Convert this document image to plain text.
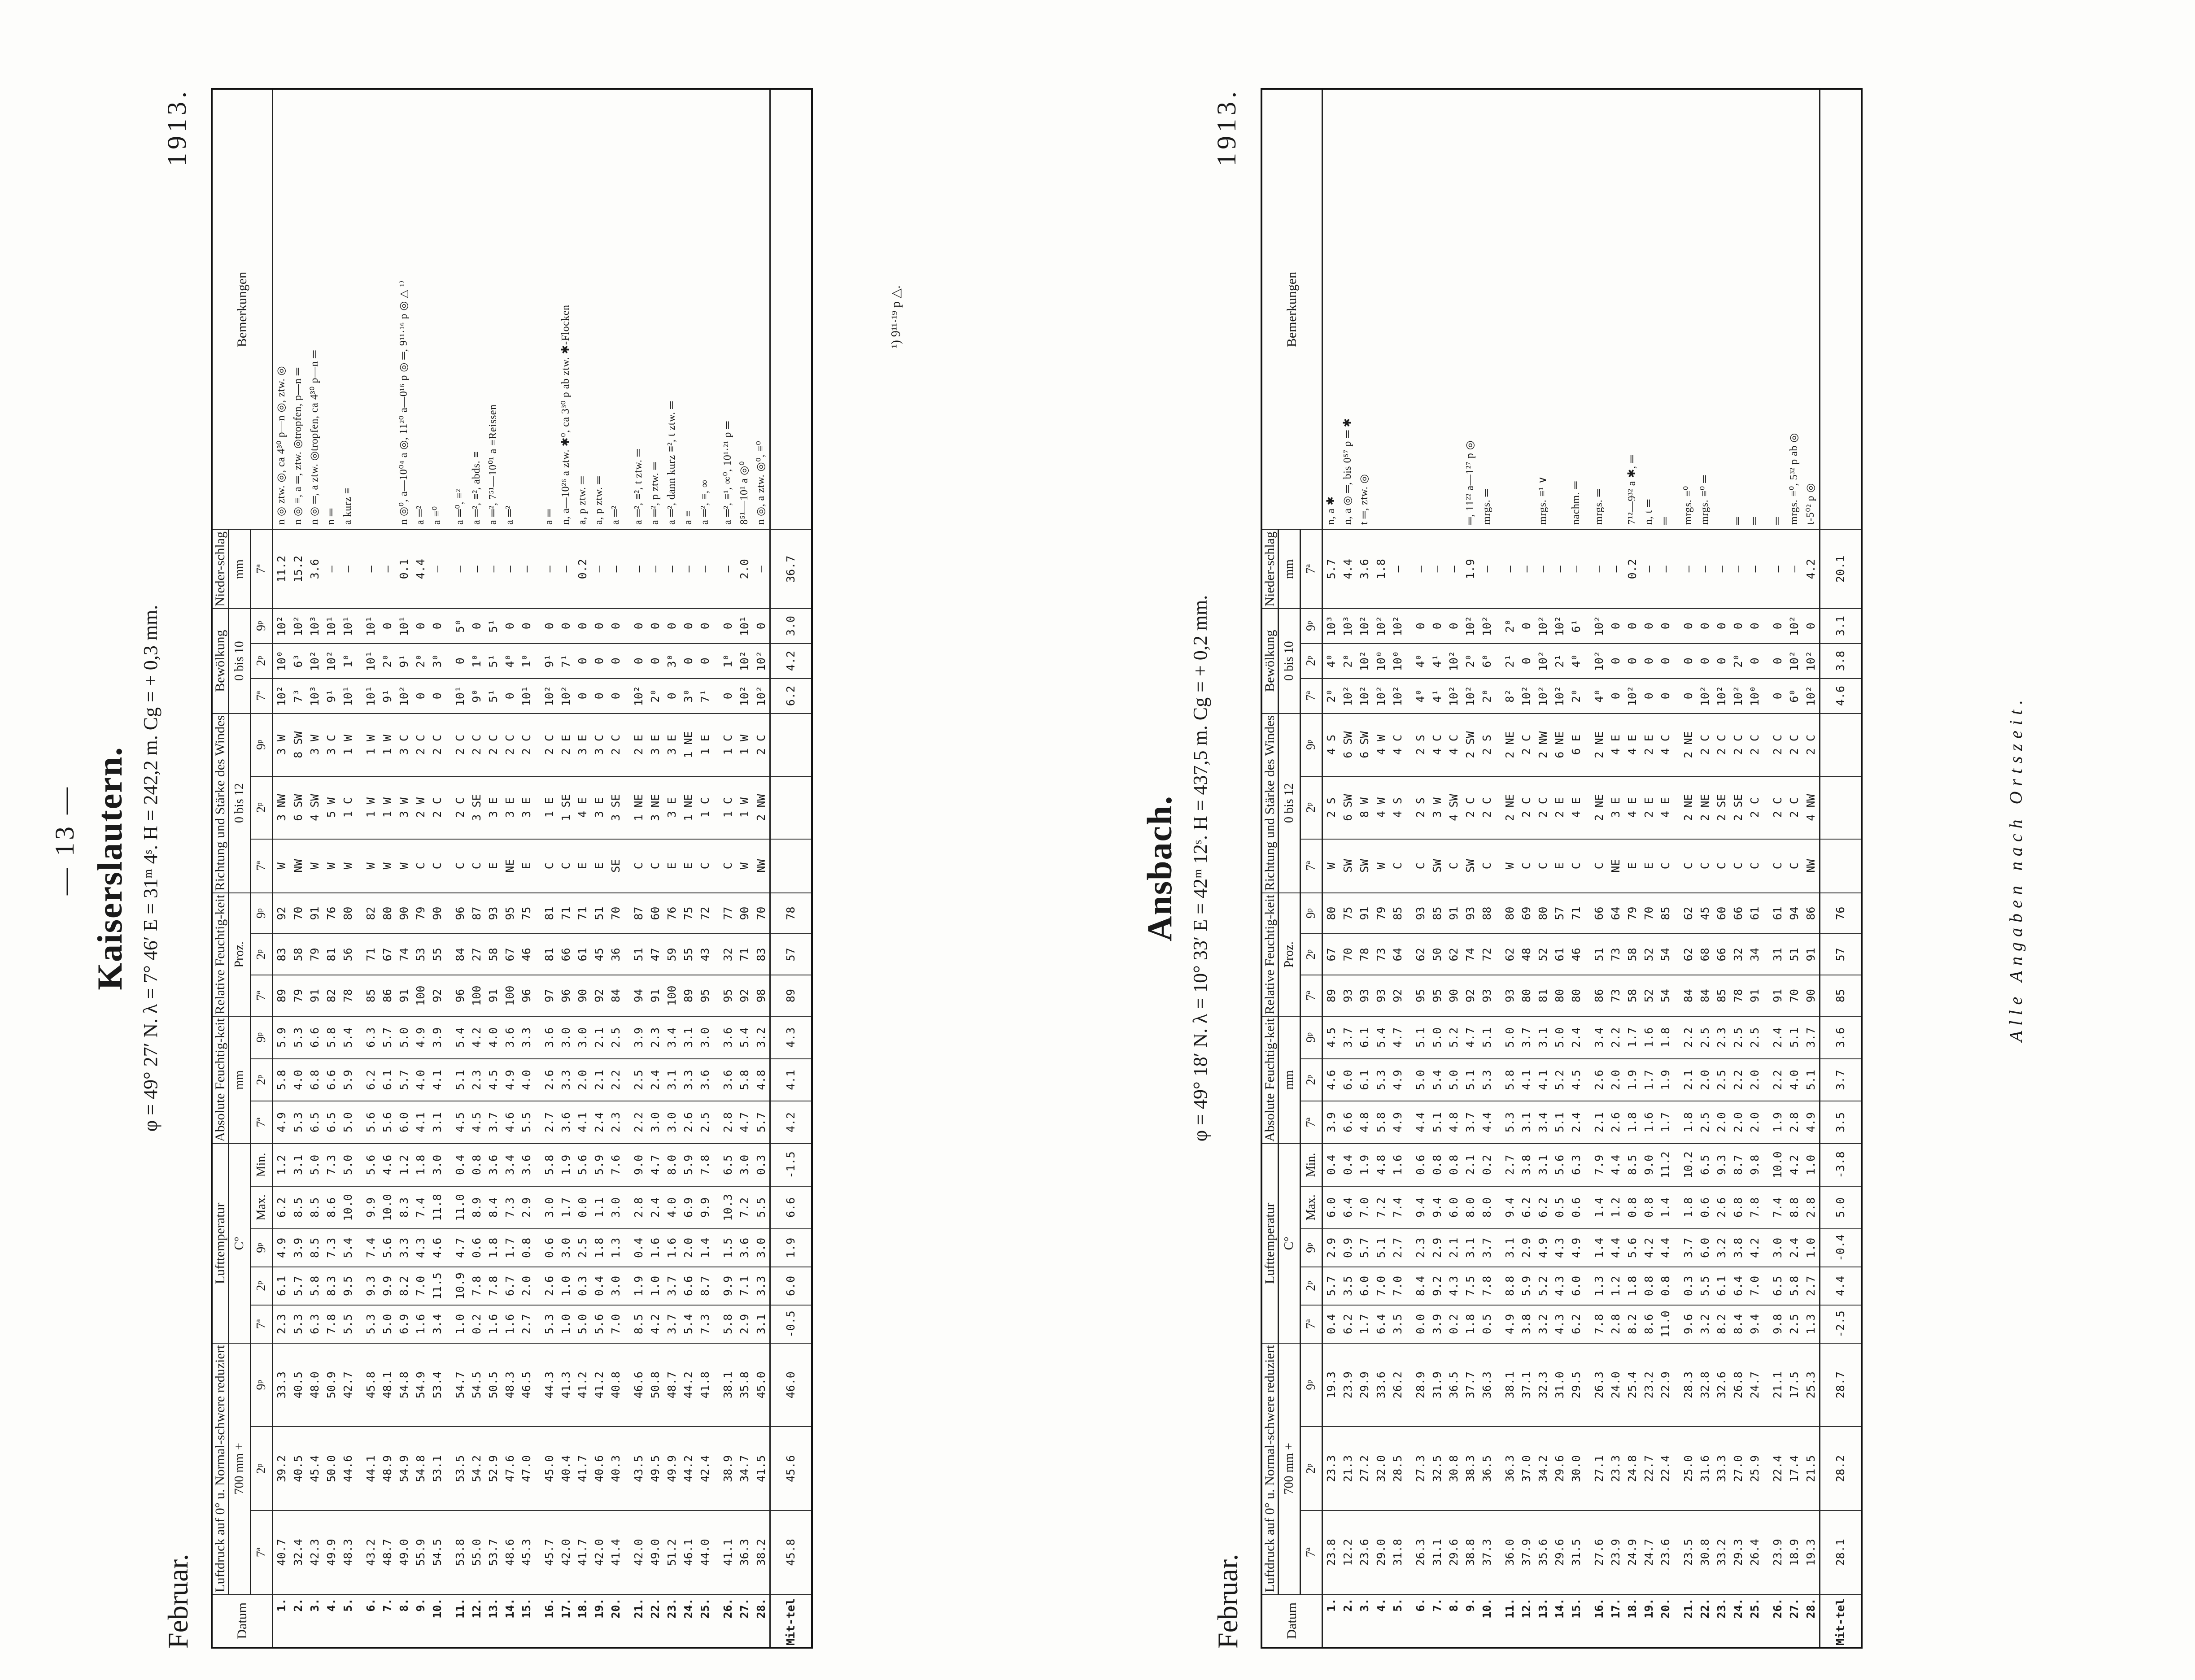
— 13 — Kaiserslautern. φ = 49° 27′ N. λ = 7° 46′ E = 31ᵐ 4ˢ. H = 242,2 m. Cg = + 0,3 mm.
Februar.
1913.
Datum	Luftdruck auf 0° u. Normal-schwere reduziert			Lufttemperatur					Absolute Feuchtig-keit			Relative Feuchtig-keit			Richtung und Stärke des Windes			Bewölkung			Nieder-schlag	Bemerkungen
	700 mm +			C°					mm			Proz.			0 bis 12			0 bis 10			mm	
	7ª	2ᵖ	9ᵖ	7ª	2ᵖ	9ᵖ	Max.	Min.	7ª	2ᵖ	9ᵖ	7ª	2ᵖ	9ᵖ	7ª	2ᵖ	9ᵖ	7ª	2ᵖ	9ᵖ	7ª	
1.	40.7	39.2	33.3	2.3	6.1	4.9	6.2	1.2	4.9	5.8	5.9	89	83	92	W	3 NW	3 W	10²	10⁰	10²	11.2	n ◎ ztw. ◎, ca 4³⁰ p—n ◎, ztw. ◎
2.	32.4	40.5	40.5	5.3	5.7	3.9	8.5	3.1	5.3	4.0	5.3	79	58	70	NW	6 SW	8 SW	7³	6³	10²	15.2	n ◎ ≡, a ═, ztw. ◎tropfen, p—n ═
3.	42.3	45.4	48.0	6.3	5.8	8.5	8.5	5.0	6.5	6.8	6.6	91	79	91	W	4 SW	3 W	10³	10²	10³	3.6	n ◎ ═, a ztw. ◎tropfen, ca 4³⁰ p—n ═
4.	49.9	50.0	50.9	7.8	8.3	7.3	8.6	7.3	6.5	6.6	5.8	82	81	76	W	5 W	3 C	9¹	10²	10¹	—	n ═
5.	48.3	44.6	42.7	5.5	9.5	5.4	10.0	5.0	5.0	5.9	5.4	78	56	80	W	1 C	1 W	10¹	1⁰	10¹	—	a kurz ≡

6.	43.2	44.1	45.8	5.3	9.3	7.4	9.9	5.6	5.6	6.2	6.3	85	71	82	W	1 W	1 W	10¹	10¹	10¹	—	
7.	48.7	48.9	48.1	5.0	9.9	5.6	10.0	4.6	5.6	6.1	5.7	86	67	80	W	1 W	1 W	9¹	2⁰	0	—	
8.	49.0	54.9	54.8	6.9	8.2	3.3	8.3	1.2	6.0	5.7	5.0	91	74	90	W	3 W	3 C	10²	9¹	10¹	0.1	n ◎⁰, a—10⁰⁴ a ◎, 11²⁰ a—0¹⁶ p ◎ ═, 9¹¹·¹⁶ p ◎ △ ¹⁾
9.	55.9	54.8	54.9	1.6	7.0	4.3	7.4	1.8	4.1	4.0	4.9	100	53	79	C	2 W	2 C	0	2⁰	0	4.4	a ═²
10.	54.5	53.1	53.4	3.4	11.5	4.6	11.8	3.0	3.1	4.1	3.9	92	55	90	C	2 C	2 C	0	3⁰	0	—	a ≡⁰

11.	53.8	53.5	54.7	1.0	10.9	4.7	11.0	0.4	4.5	5.1	5.4	96	84	96	C	2 C	2 C	10¹	0	5⁰	—	a ═⁰, ≡²
12.	55.0	54.2	54.5	0.2	7.8	0.6	8.9	0.8	4.5	2.3	4.2	100	27	87	C	3 SE	2 C	9⁰	1⁰	0	—	a ═², ≡², abds. ≡
13.	53.7	52.9	50.5	1.6	7.8	1.8	8.4	3.6	3.7	4.5	4.0	91	58	93	E	3 E	2 C	5¹	5¹	5¹	—	a ═², 7⁵¹—10⁰¹ a ≡Reissen
14.	48.6	47.6	48.3	1.6	6.7	1.7	7.3	3.4	4.6	4.9	3.6	100	67	95	NE	3 E	2 C	0	4⁰	0	—	a ═²
15.	45.3	47.0	46.5	2.7	2.0	0.8	2.9	3.6	5.5	4.0	3.3	96	46	75	E	3 E	2 C	10¹	1⁰	0	—	

16.	45.7	45.0	44.3	5.3	2.6	0.6	3.0	5.8	2.7	2.6	3.6	97	81	81	C	1 E	2 C	10²	9¹	0	—	a ═
17.	42.0	40.4	41.3	1.0	1.0	3.0	1.7	1.9	3.6	3.3	3.0	96	66	71	C	1 SE	2 E	10²	7¹	0	—	n, a—10²⁶ a ztw. ✱⁰, ca 3³⁰ p ab ztw. ✱-Flocken
18.	41.7	41.7	41.2	5.0	0.3	2.5	0.0	5.6	4.1	2.0	3.0	90	61	71	E	4 E	3 E	0	0	0	0.2	a, p ztw. ═
19.	42.0	40.6	41.2	5.6	0.4	1.8	1.1	5.9	2.4	2.1	2.1	92	45	51	E	3 E	3 C	0	0	0	—	a, p ztw. ═
20.	41.4	40.3	40.8	7.0	3.0	1.3	3.0	7.6	2.3	2.2	2.5	84	36	70	SE	3 SE	2 C	0	0	0	—	a ═²

21.	42.0	43.5	46.6	8.5	1.9	0.4	2.8	9.0	2.2	2.5	3.9	94	51	87	C	1 NE	2 E	10²	0	0	—	a ═², ≡², t ztw. ═
22.	49.0	49.5	50.8	4.2	1.0	1.6	2.4	4.7	3.0	2.4	2.3	91	47	60	C	3 NE	3 E	2⁰	0	0	—	a ═², p ztw. ═
23.	51.2	49.9	48.7	3.7	3.7	1.6	4.0	8.0	3.0	3.1	3.4	100	59	76	E	3 E	3 E	0	3⁰	0	—	a ═², dann kurz ≡², t ztw. ═
24.	46.1	44.2	44.2	5.4	6.6	2.0	6.9	5.9	2.6	3.3	3.1	89	55	75	E	1 NE	1 NE	3⁰	0	0	—	a ≡
25.	44.0	42.4	41.8	7.3	8.7	1.4	9.9	7.8	2.5	3.6	3.0	95	43	72	C	1 C	1 E	7¹	0	0	—	a ═², ≡, ∞

26.	41.1	38.9	38.1	5.8	9.9	1.5	10.3	6.5	2.8	3.6	3.6	95	32	77	C	1 C	1 C	0	1⁰	0	—	a ═², ≡¹, ∞⁰, 10¹·²¹ p ═
27.	36.3	34.7	35.8	2.9	7.1	3.6	7.2	3.0	4.7	5.8	5.4	92	71	90	W	1 W	1 W	10²	10²	10¹	2.0	8⁵¹—10¹ a ◎⁰
28.	38.2	41.5	45.0	3.1	3.3	3.0	5.5	0.3	5.7	4.8	3.2	98	83	70	NW	2 NW	2 C	10²	10²	0	—	n ◎, a ztw. ◎⁰, ≡⁰
Mit-tel	45.8	45.6	46.0	-0.5	6.0	1.9	6.6	-1.5	4.2	4.1	4.3	89	57	78				6.2	4.2	3.0	36.7	
¹) 9¹¹·¹⁹ p △.
Ansbach. φ = 49° 18′ N. λ = 10° 33′ E = 42ᵐ 12ˢ. H = 437,5 m. Cg = + 0,2 mm.
Februar.
1913.
Datum	Luftdruck auf 0° u. Normal-schwere reduziert			Lufttemperatur					Absolute Feuchtig-keit			Relative Feuchtig-keit			Richtung und Stärke des Windes			Bewölkung			Nieder-schlag	Bemerkungen
	700 mm +			C°					mm			Proz.			0 bis 12			0 bis 10			mm	
	7ª	2ᵖ	9ᵖ	7ª	2ᵖ	9ᵖ	Max.	Min.	7ª	2ᵖ	9ᵖ	7ª	2ᵖ	9ᵖ	7ª	2ᵖ	9ᵖ	7ª	2ᵖ	9ᵖ	7ª	
1.	23.8	23.3	19.3	0.4	5.7	2.9	6.0	0.4	3.9	4.6	4.5	89	67	80	W	2 S	4 S	2⁰	4⁰	10³	5.7	n, a ✱
2.	12.2	21.3	23.9	6.2	3.5	0.9	6.4	0.4	6.6	6.0	3.7	93	70	75	SW	6 SW	6 SW	10²	2⁰	10³	4.4	n, a ◎ ═, bis 0⁵⁷ p ═ ✱
3.	23.6	27.2	29.9	1.7	6.0	5.7	7.0	1.9	4.8	6.1	6.1	93	78	91	SW	8 W	6 SW	10²	10²	10²	3.6	t ═, ztw. ◎
4.	29.0	32.0	33.6	6.4	7.0	5.1	7.2	4.8	5.8	5.3	5.4	93	73	79	W	4 W	4 W	10²	10⁰	10²	1.8	
5.	31.8	28.5	26.2	3.5	7.0	2.7	7.4	1.6	4.9	4.9	4.7	92	64	85	C	4 S	4 C	10²	10⁰	10²	—	

6.	26.3	27.3	28.9	0.0	8.4	2.3	9.4	0.6	4.4	5.0	5.1	95	62	93	C	2 S	2 S	4⁰	4⁰	0	—	
7.	31.1	32.5	31.9	3.9	9.2	2.9	9.4	0.8	5.1	5.4	5.0	95	50	85	SW	3 W	4 C	4¹	4¹	0	—	
8.	29.6	30.8	36.5	0.2	4.3	2.1	6.0	0.8	4.8	5.0	5.2	90	62	91	C	4 SW	4 C	10²	10²	0	—	
9.	38.8	38.3	37.7	1.8	7.5	3.1	8.0	2.1	3.7	5.1	4.7	92	74	93	SW	2 C	2 SW	10²	2⁰	10²	1.9	═, 11²² a—1²⁷ p ◎
10.	37.3	36.5	36.3	0.5	7.8	3.7	8.0	0.2	4.4	5.3	5.1	93	72	88	C	2 C	2 S	2⁰	6⁰	10²	—	mrgs. ═

11.	36.0	36.3	38.1	4.9	8.8	3.1	9.4	2.7	5.3	5.8	5.0	93	62	80	W	2 NE	2 NE	8²	2¹	2⁰	—	
12.	37.9	37.0	37.1	3.8	5.9	2.9	6.2	3.8	3.1	4.1	3.7	80	48	69	C	2 C	2 C	10²	0	0	—	
13.	35.6	34.2	32.3	3.2	5.2	4.9	6.2	3.1	3.4	4.1	3.1	81	52	80	C	2 C	2 NW	10²	10²	10²	—	mrgs. ≡¹ ∨
14.	29.6	29.6	31.0	4.3	4.3	4.3	0.5	5.6	5.1	5.2	5.0	80	61	57	E	2 E	6 NE	10²	2¹	10²	—	
15.	31.5	30.0	29.5	6.2	6.0	4.9	0.6	6.3	2.4	4.5	2.4	80	46	71	C	4 E	6 E	2⁰	4⁰	6¹	—	nachm. ═

16.	27.6	27.1	26.3	7.8	1.3	1.4	1.4	7.9	2.1	2.6	3.4	86	51	66	C	2 NE	2 NE	4⁰	10²	10²	—	mrgs. ═
17.	23.9	23.3	24.0	2.8	1.2	4.4	1.2	4.4	2.6	2.0	2.2	73	73	64	NE	3 E	4 E	0	0	0	—	
18.	24.9	24.8	25.4	8.2	1.8	5.6	0.8	8.5	1.8	1.9	1.7	58	58	79	E	4 E	4 E	10²	0	0	0.2	7¹²—9³² a ✱, ═
19.	24.7	22.7	23.2	8.6	0.8	4.2	0.8	9.0	1.6	1.7	1.6	52	52	70	E	2 E	2 E	0	0	0	—	n, t ═
20.	23.6	22.4	22.9	11.0	0.8	4.4	1.4	11.2	1.7	1.9	1.8	54	54	85	C	4 E	4 C	0	0	0	—	═

21.	23.5	25.0	28.3	9.6	0.3	3.7	1.8	10.2	1.8	2.1	2.2	84	62	62	C	2 NE	2 NE	0	0	0	—	mrgs. ≡⁰
22.	30.8	31.6	32.8	3.2	5.5	6.0	0.6	6.5	2.5	2.0	2.5	84	68	45	C	2 NE	2 C	10²	0	0	—	mrgs. ≡⁰ ═
23.	33.2	33.3	32.6	8.2	6.1	3.2	2.6	9.3	2.0	2.5	2.3	85	66	60	C	2 SE	2 C	10²	0	0	—	
24.	29.3	27.0	26.8	8.4	6.4	3.8	6.8	8.7	2.0	2.2	2.5	78	32	66	C	2 SE	2 C	10²	2⁰	0	—	═
25.	26.4	25.9	24.7	9.4	7.0	4.2	7.8	9.8	2.0	2.0	2.5	91	34	61	C	2 C	2 C	10⁰	0	0	—	═

26.	23.9	22.4	21.1	9.8	6.5	3.0	7.4	10.0	1.9	2.2	2.4	91	31	61	C	2 C	2 C	0	0	0	—	═
27.	18.9	17.4	17.5	2.5	5.8	2.4	8.8	4.2	2.8	4.0	5.1	70	51	94	C	2 C	2 C	6⁰	10²	10²	—	mrgs. ≡⁰, 5³² p ab ◎
28.	19.3	21.5	25.3	1.3	2.7	1.0	2.8	1.0	4.9	5.1	3.7	90	91	86	NW	4 NW	2 C	10²	10²	0	4.2	t-5⁰² p ◎
Mit-tel	28.1	28.2	28.7	-2.5	4.4	-0.4	5.0	-3.8	3.5	3.7	3.6	85	57	76				4.6	3.8	3.1	20.1	
Alle Angaben nach Ortszeit.
